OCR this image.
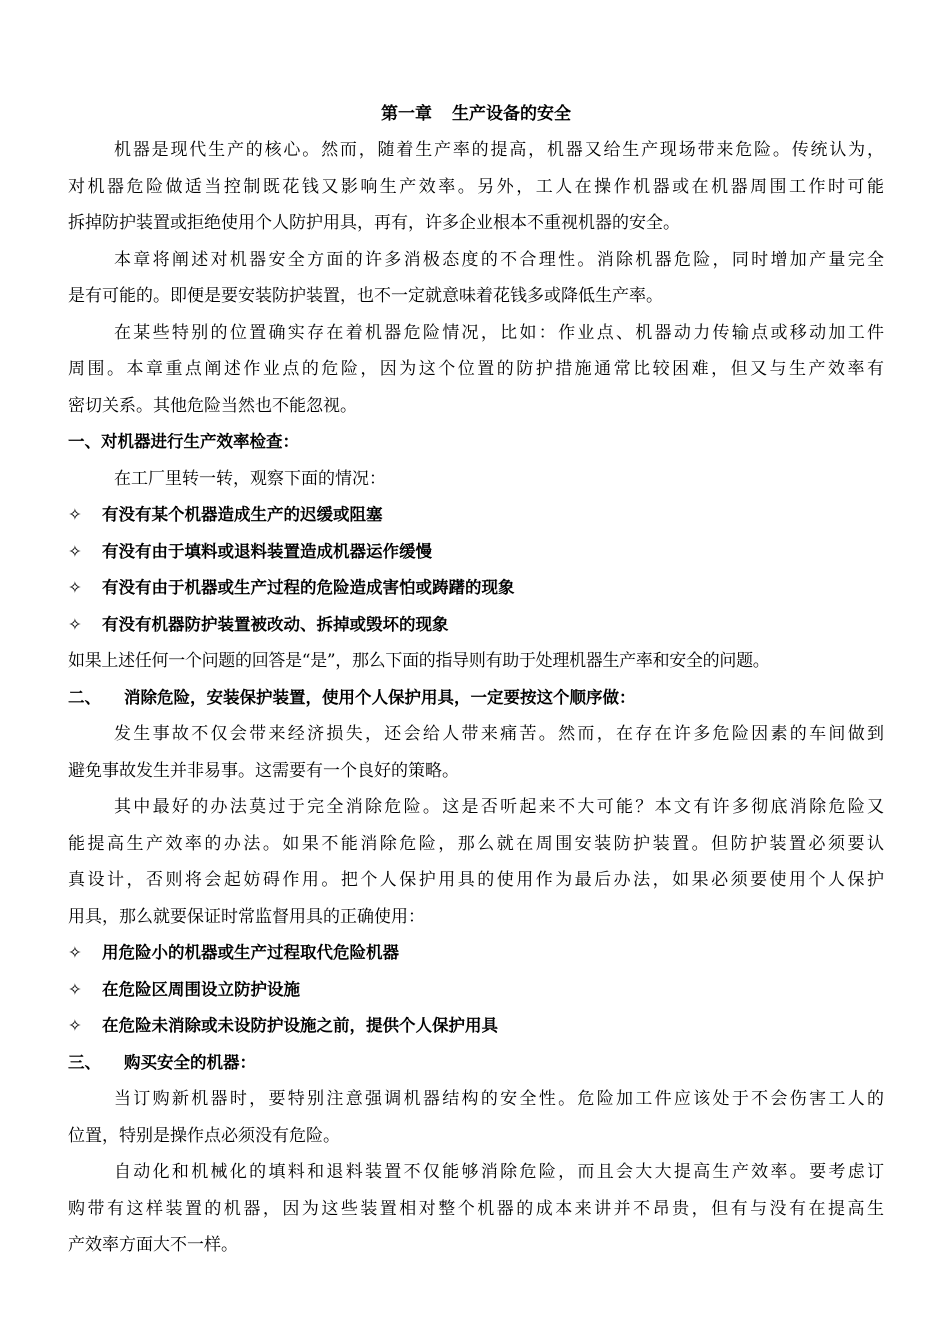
第一章 生产设备的安全
机器是现代生产的核心。然而，随着生产率的提高，机器又给生产现场带来危险。传统认为，
对机器危险做适当控制既花钱又影响生产效率。另外，工人在操作机器或在机器周围工作时可能
拆掉防护装置或拒绝使用个人防护用具，再有，许多企业根本不重视机器的安全。
本章将阐述对机器安全方面的许多消极态度的不合理性。消除机器危险，同时增加产量完全
是有可能的。即便是要安装防护装置，也不一定就意味着花钱多或降低生产率。
在某些特别的位置确实存在着机器危险情况，比如：作业点、机器动力传输点或移动加工件
周围。本章重点阐述作业点的危险，因为这个位置的防护措施通常比较困难，但又与生产效率有
密切关系。其他危险当然也不能忽视。
一、对机器进行生产效率检查：
在工厂里转一转，观察下面的情况：
✧ 有没有某个机器造成生产的迟缓或阻塞
✧ 有没有由于填料或退料装置造成机器运作缓慢
✧ 有没有由于机器或生产过程的危险造成害怕或踌躇的现象
✧ 有没有机器防护装置被改动、拆掉或毁坏的现象
如果上述任何一个问题的回答是“是”，那么下面的指导则有助于处理机器生产率和安全的问题。
二、 消除危险，安装保护装置，使用个人保护用具，一定要按这个顺序做：
发生事故不仅会带来经济损失，还会给人带来痛苦。然而，在存在许多危险因素的车间做到
避免事故发生并非易事。这需要有一个良好的策略。
其中最好的办法莫过于完全消除危险。这是否听起来不大可能？本文有许多彻底消除危险又
能提高生产效率的办法。如果不能消除危险，那么就在周围安装防护装置。但防护装置必须要认
真设计，否则将会起妨碍作用。把个人保护用具的使用作为最后办法，如果必须要使用个人保护
用具，那么就要保证时常监督用具的正确使用：
✧ 用危险小的机器或生产过程取代危险机器
✧ 在危险区周围设立防护设施
✧ 在危险未消除或未设防护设施之前，提供个人保护用具
三、 购买安全的机器：
当订购新机器时，要特别注意强调机器结构的安全性。危险加工件应该处于不会伤害工人的
位置，特别是操作点必须没有危险。
自动化和机械化的填料和退料装置不仅能够消除危险，而且会大大提高生产效率。要考虑订
购带有这样装置的机器，因为这些装置相对整个机器的成本来讲并不昂贵，但有与没有在提高生
产效率方面大不一样。
